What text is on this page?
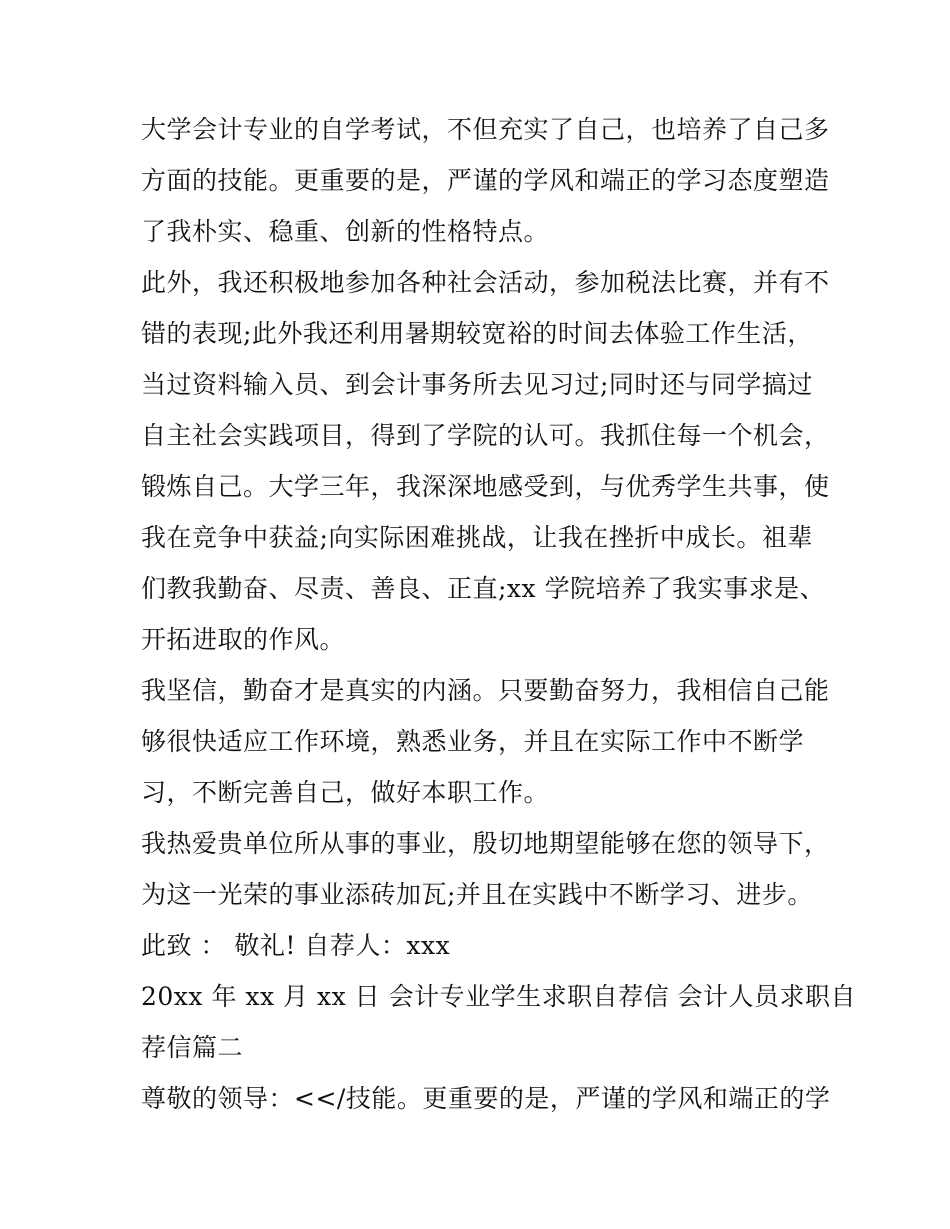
大学会计专业的自学考试，不但充实了自己，也培养了自己多
方面的技能。更重要的是，严谨的学风和端正的学习态度塑造
了我朴实、稳重、创新的性格特点。
此外，我还积极地参加各种社会活动，参加税法比赛，并有不
错的表现;此外我还利用暑期较宽裕的时间去体验工作生活，
当过资料输入员、到会计事务所去见习过;同时还与同学搞过
自主社会实践项目，得到了学院的认可。我抓住每一个机会，
锻炼自己。大学三年，我深深地感受到，与优秀学生共事，使
我在竞争中获益;向实际困难挑战，让我在挫折中成长。祖辈
们教我勤奋、尽责、善良、正直;xx 学院培养了我实事求是、
开拓进取的作风。
我坚信，勤奋才是真实的内涵。只要勤奋努力，我相信自己能
够很快适应工作环境，熟悉业务，并且在实际工作中不断学
习，不断完善自己，做好本职工作。
我热爱贵单位所从事的事业，殷切地期望能够在您的领导下，
为这一光荣的事业添砖加瓦;并且在实践中不断学习、进步。
此致 ： 敬礼! 自荐人：xxx
20xx 年 xx 月 xx 日 会计专业学生求职自荐信 会计人员求职自
荐信篇二
尊敬的领导：<</技能。更重要的是，严谨的学风和端正的学
